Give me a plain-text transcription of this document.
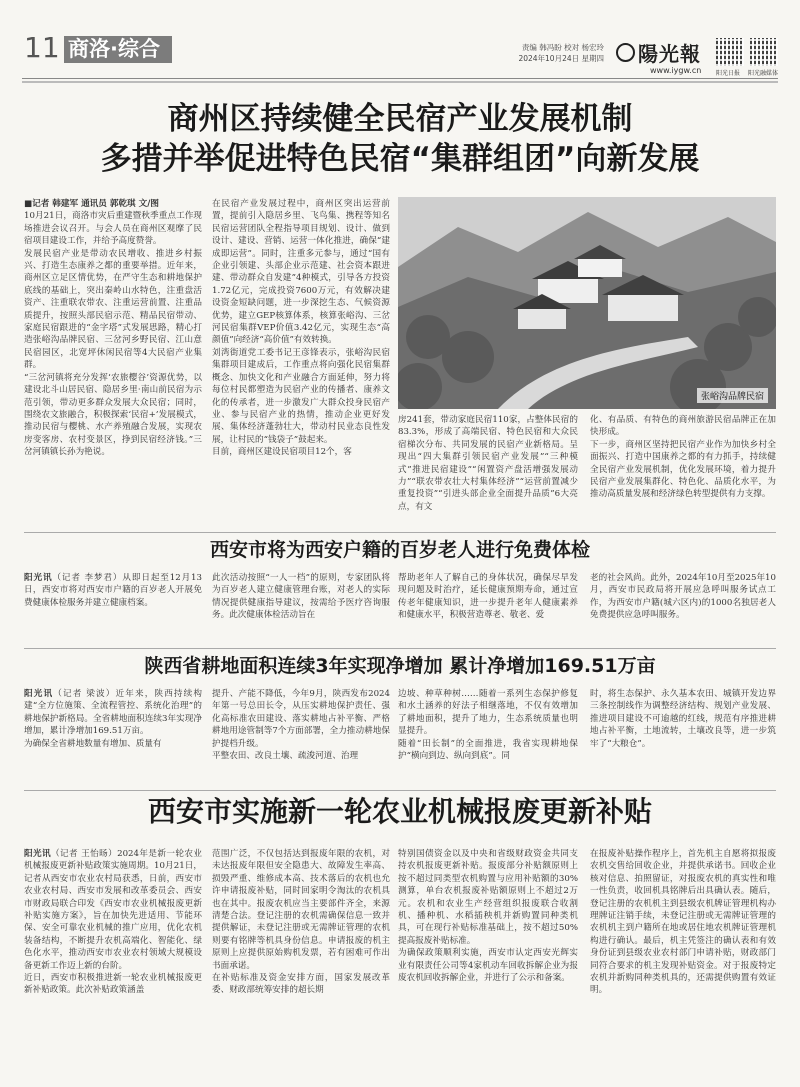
11 商洛·综合	责编 韩冯盼 校对 杨宏玲
2024年10月24日 星期四	陽光報
www.iygw.cn 阳光日报 阳光融媒体
商州区持续健全民宿产业发展机制
多措并举促进特色民宿“集群组团”向新发展
■记者 韩建军 通讯员 郭乾琪 文/图
10月21日，商洛市灾后重建暨秋季重点工作现场推进会议召开。与会人员在商州区观摩了民宿项目建设工作，并给予高度赞誉。
发展民宿产业是带动农民增收、推进乡村振兴、打造生态康养之都的重要举措。近年来，商州区立足区情优势，在严守生态和耕地保护底线的基础上，突出秦岭山水特色，注重盘活资产、注重联农带农、注重运营前置、注重品质提升，按照头部民宿示范、精品民宿带动、家庭民宿跟进的“金字塔”式发展思路，精心打造张峪沟品牌民宿、三岔河乡野民宿、江山意民宿园区，北宽坪休闲民宿等4大民宿产业集群。
“三岔河镇将充分发挥‘农旅樱谷’资源优势，以建设北斗山居民宿、隐居乡里·南山前民宿为示范引领，带动更多群众发展大众民宿；同时，围绕农文旅融合，积极探索‘民宿+’发展模式，推动民宿与樱桃、水产养殖融合发展，实现农房变客房、农村变景区，挣到民宿经济钱。”三岔河镇镇长孙为艳说。
在民宿产业发展过程中，商州区突出运营前置，提前引入隐居乡里、飞鸟集、携程等知名民宿运营团队全程指导项目规划、设计、做到设计、建设、营销、运营一体化推进，确保“建成即运营”。同时，注重多元参与，通过“国有企业引领建、头部企业示范建、社会资本跟进建、带动群众自发建”4种模式，引导各方投资1.72亿元，完成投资7600万元，有效解决建设资金短缺问题，进一步深挖生态、气候资源优势，建立GEP核算体系，核算张峪沟、三岔河民宿集群VEP价值3.42亿元，实现生态“高颜值”向经济“高价值”有效转换。
刘湾街道党工委书记王彦锋表示，张峪沟民宿集群项目建成后，工作重点将向强化民宿集群概念、加快文化和产业融合方面延伸，努力将每位村民都塑造为民宿产业的传播者、康养文化的传承者，进一步激发广大群众投身民宿产业、参与民宿产业的热情，推动企业更好发展、集体经济蓬勃壮大，带动村民业态良性发展，让村民的“钱袋子”鼓起来。
目前，商州区建设民宿项目12个，客
张峪沟品牌民宿
房241套，带动家庭民宿110家，占整体民宿的83.3%，形成了高端民宿、特色民宿和大众民宿梯次分布、共同发展的民宿产业新格局。呈现出“四大集群引领民宿产业发展”“三种模式”推进民宿建设”“闲置资产盘活增强发展动力”“联农带农壮大村集体经济”“运营前置减少重复投资”“引进头部企业全面提升品质”6大亮点，有文
化、有品质、有特色的商州旅游民宿品牌正在加快形成。
下一步，商州区坚持把民宿产业作为加快乡村全面振兴、打造中国康养之都的有力抓手，持续健全民宿产业发展机制，优化发展环境，着力提升民宿产业发展集群化、特色化、品质化水平，为推动高质量发展和经济绿色转型提供有力支撑。
西安市将为西安户籍的百岁老人进行免费体检
阳光讯（记者 李梦君）从即日起至12月13日，西安市将对西安市户籍的百岁老人开展免费健康体检服务并建立健康档案。
此次活动按照“一人一档”的原则，专家团队将为百岁老人建立健康管理台账，对老人的实际情况提供健康指导建议，按需给予医疗咨询服务。此次健康体检活动旨在
帮助老年人了解自己的身体状况，确保尽早发现问题及时治疗，延长健康预期寿命，通过宣传老年健康知识，进一步提升老年人健康素养和健康水平，积极营造尊老、敬老、爱
老的社会风尚。此外，2024年10月至2025年10月，西安市民政局将开展应急呼叫服务试点工作，为西安市户籍(城六区内)的1000名独居老人免费提供应急呼叫服务。
陕西省耕地面积连续3年实现净增加 累计净增加169.51万亩
阳光讯（记者 梁波）近年来，陕西持续构建“全方位施策、全流程管控、系统化治理”的耕地保护新格局。全省耕地面积连续3年实现净增加，累计净增加169.51万亩。
为确保全省耕地数量有增加、质量有
提升、产能不降低，今年9月，陕西发布2024年第一号总田长令，从压实耕地保护责任、强化高标准农田建设、落实耕地占补平衡、严格耕地用途管制等7个方面部署，全力推动耕地保护提档升级。
平整农田、改良土壤、疏浚河道、治理
边坡、种草种树……随着一系列生态保护修复和水土涵养的好法子相继落地，不仅有效增加了耕地面积，提升了地力，生态系统质量也明显提升。
随着“田长制”的全面推进，我省实现耕地保护“横向到边、纵向到底”。同
时，将生态保护、永久基本农田、城镇开发边界三条控制线作为调整经济结构、规划产业发展、推进项目建设不可逾越的红线，规范有序推进耕地占补平衡，土地流转，土壤改良等，进一步筑牢了“大粮仓”。
西安市实施新一轮农业机械报废更新补贴
阳光讯（记者 王怡旸）2024年是新一轮农业机械报废更新补贴政策实施周期。10月21日，记者从西安市农业农村局获悉，日前，西安市农业农村局、西安市发展和改革委员会、西安市财政局联合印发《西安市农业机械报废更新补贴实施方案》，旨在加快先进适用、节能环保、安全可靠农业机械的推广应用，优化农机装备结构，不断提升农机高端化、智能化、绿色化水平，推动西安市农业农村领域大规模设备更新工作迈上新的台阶。
近日，西安市积极推进新一轮农业机械报废更新补贴政策。此次补贴政策涵盖
范围广泛，不仅包括达到报废年限的农机，对未达报废年限但安全隐患大、故障发生率高、损毁严重、维修成本高、技术落后的农机也允许申请报废补贴，同时回家明令淘汰的农机具也在其中。报废农机应当主要部件齐全，来源清楚合法。登记注册的农机需确保信息一致并提供解证，未登记注册或无需牌证管理的农机则要有铭牌等机具身份信息。申请报废的机主原则上应提供原始购机发票，若有困难可作出书面承诺。
在补贴标准及资金安排方面，国家发展改革委、财政部统筹安排的超长期
特别国债资金以及中央和省级财政资金共同支持农机报废更新补贴。报废部分补贴额原则上按不超过同类型农机购置与应用补贴额的30%测算，单台农机报废补贴额原则上不超过2万元。农机和农业生产经营组织报废联合收割机、播种机、水稻插秧机并新购置同种类机具，可在现行补贴标准基础上，按不超过50%提高报废补贴标准。
为确保政策顺利实施，西安市认定西安光辉实业有限责任公司等4家机动车回收拆解企业为报废农机回收拆解企业，并进行了公示和备案。
在报废补贴操作程序上，首先机主自愿将拟报废农机交售给回收企业，并提供承诺书。回收企业核对信息、拍照留证，对报废农机的真实性和唯一性负责，收回机具铭牌后出具确认表。随后，登记注册的农机机主到县级农机牌证管理机构办理牌证注销手续，未登记注册或无需牌证管理的农机机主到户籍所在地或居住地农机牌证管理机构进行确认。最后，机主凭签注的确认表和有效身份证到县级农业农村部门申请补贴，财政部门同符合要求的机主发现补贴资金。对于报废特定农机并新购同种类机具的，还需提供购置有效证明。
